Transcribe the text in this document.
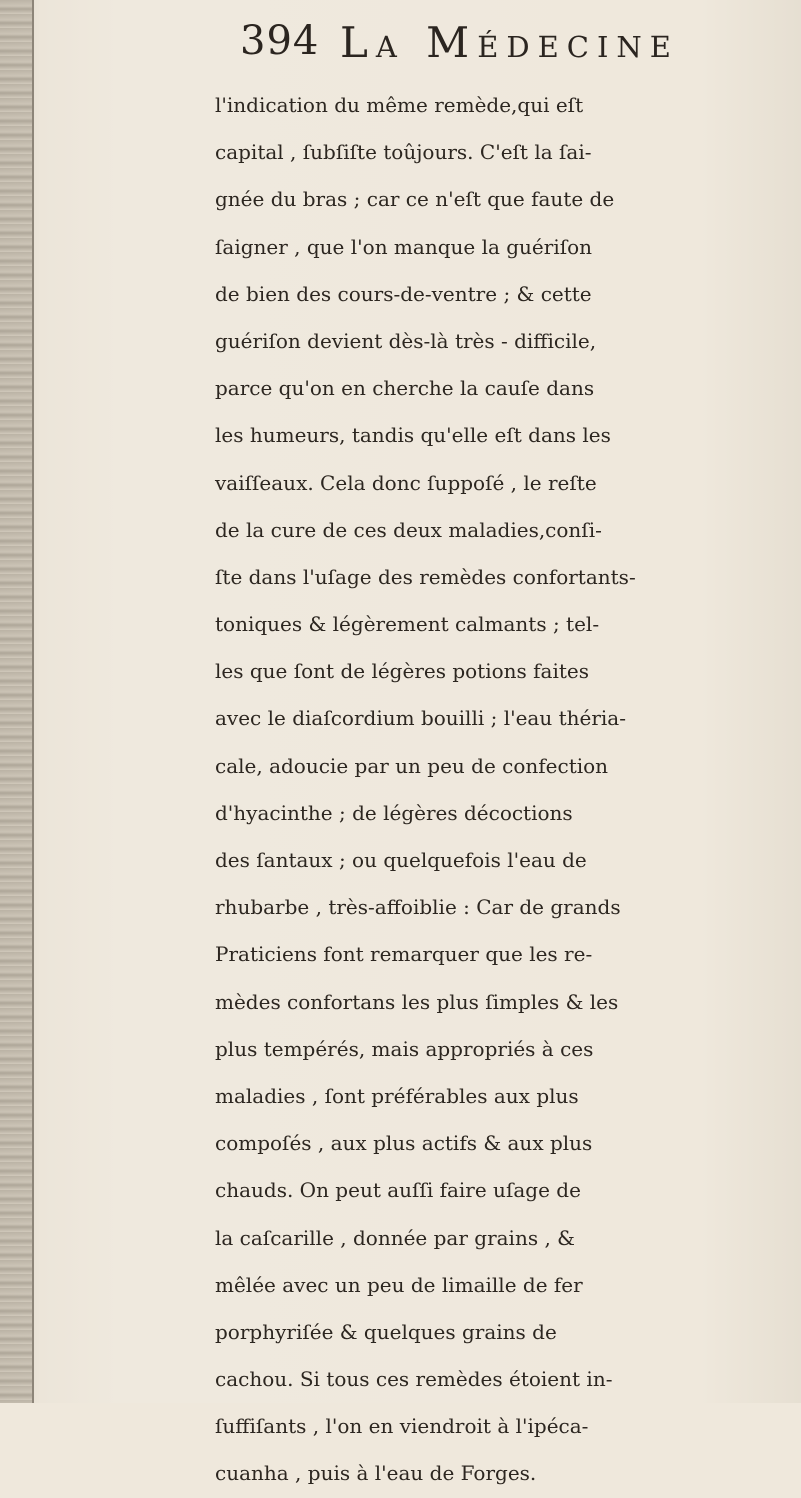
394 La Médecine
l'indication du même remède,qui eſt
capital , ſubſiſte toûjours. C'eſt la ſai-
gnée du bras ; car ce n'eſt que faute de
ſaigner , que l'on manque la guériſon
de bien des cours-de-ventre ; & cette
guériſon devient dès-là très - difficile,
parce qu'on en cherche la cauſe dans
les humeurs, tandis qu'elle eſt dans les
vaiſſeaux. Cela donc ſuppoſé , le reſte
de la cure de ces deux maladies,conſi-
ſte dans l'uſage des remèdes confortants-
toniques & légèrement calmants ; tel-
les que ſont de légères potions faites
avec le diaſcordium bouilli ; l'eau théria-
cale, adoucie par un peu de confection
d'hyacinthe ; de légères décoctions
des ſantaux ; ou quelquefois l'eau de
rhubarbe , très-affoiblie : Car de grands
Praticiens font remarquer que les re-
mèdes confortans les plus ſimples & les
plus tempérés, mais appropriés à ces
maladies , ſont préférables aux plus
compoſés , aux plus actifs & aux plus
chauds. On peut auſſi faire uſage de
la caſcarille , donnée par grains , &
mêlée avec un peu de limaille de fer
porphyriſée & quelques grains de
cachou. Si tous ces remèdes étoient in-
ſuffiſants , l'on en viendroit à l'ipéca-
cuanha , puis à l'eau de Forges.
